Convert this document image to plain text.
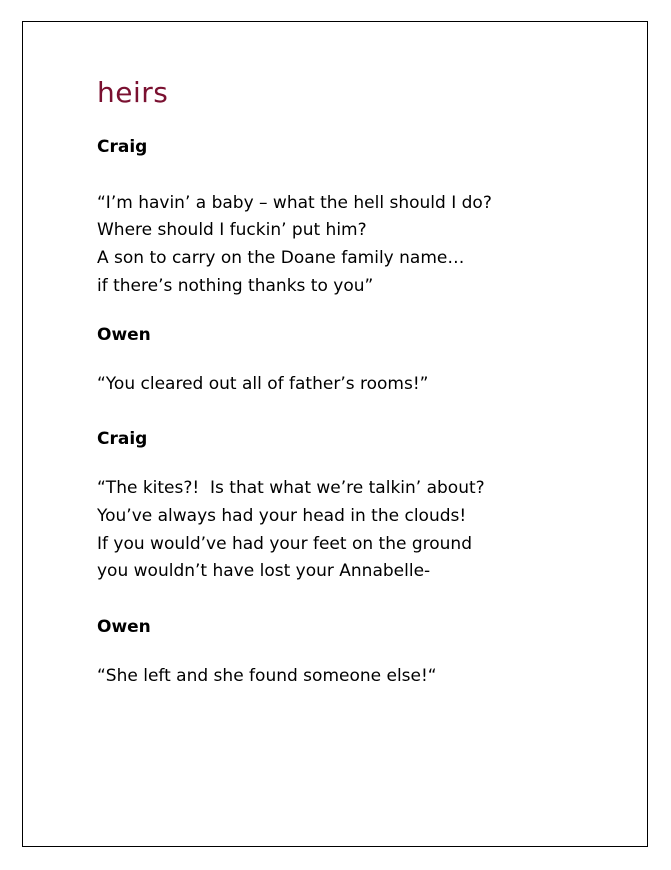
heirs

Craig

“I’m havin’ a baby – what the hell should I do?

Where should I fuckin’ put him?

A son to carry on the Doane family name…

if there’s nothing thanks to you”

Owen

“You cleared out all of father’s rooms!”

Craig

“The kites?!  Is that what we’re talkin’ about?

You’ve always had your head in the clouds!

If you would’ve had your feet on the ground

you wouldn’t have lost your Annabelle-

Owen

“She left and she found someone else!“
